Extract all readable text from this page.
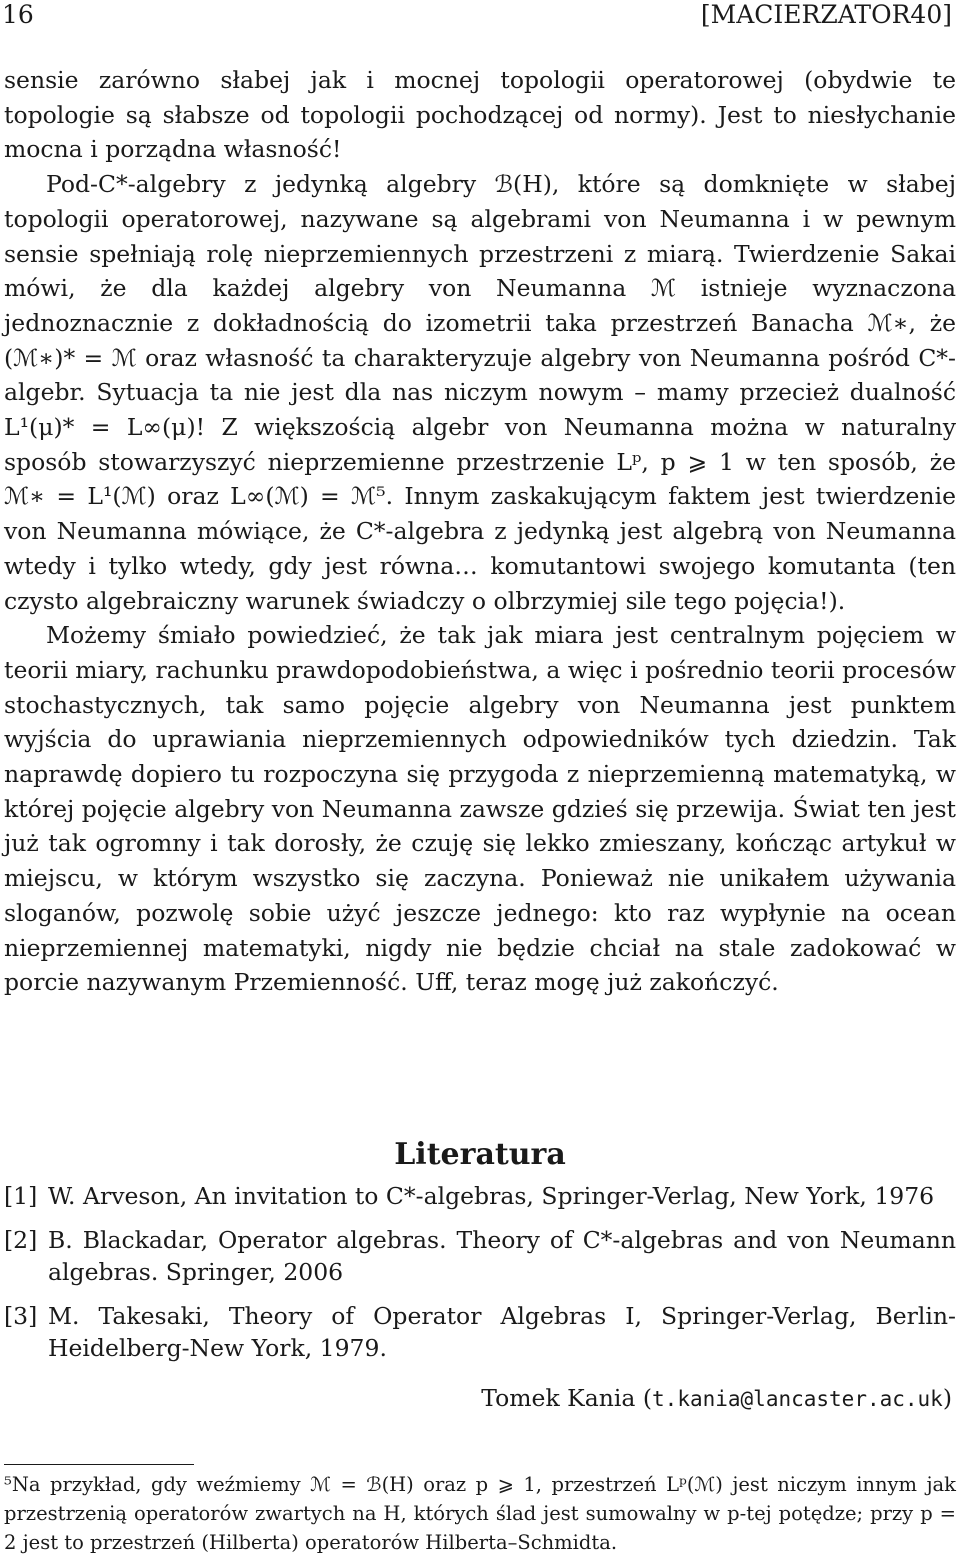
16	[MACIERZATOR40]

sensie zarówno słabej jak i mocnej topologii operatorowej (obydwie te topologie są słabsze od topologii pochodzącej od normy). Jest to niesłychanie mocna i porządna własność!

Pod-C*-algebry z jedynką algebry ℬ(H), które są domknięte w słabej topologii operatorowej, nazywane są algebrami von Neumanna i w pewnym sensie spełniają rolę nieprzemiennych przestrzeni z miarą. Twierdzenie Sakai mówi, że dla każdej algebry von Neumanna ℳ istnieje wyznaczona jednoznacznie z dokładnością do izometrii taka przestrzeń Banacha ℳ∗, że (ℳ∗)* = ℳ oraz własność ta charakteryzuje algebry von Neumanna pośród C*-algebr. Sytuacja ta nie jest dla nas niczym nowym – mamy przecież dualność L¹(μ)* = L∞(μ)! Z większością algebr von Neumanna można w naturalny sposób stowarzyszyć nieprzemienne przestrzenie Lᵖ, p ⩾ 1 w ten sposób, że ℳ∗ = L¹(ℳ) oraz L∞(ℳ) = ℳ⁵. Innym zaskakującym faktem jest twierdzenie von Neumanna mówiące, że C*-algebra z jedynką jest algebrą von Neumanna wtedy i tylko wtedy, gdy jest równa… komutantowi swojego komutanta (ten czysto algebraiczny warunek świadczy o olbrzymiej sile tego pojęcia!).

Możemy śmiało powiedzieć, że tak jak miara jest centralnym pojęciem w teorii miary, rachunku prawdopodobieństwa, a więc i pośrednio teorii procesów stochastycznych, tak samo pojęcie algebry von Neumanna jest punktem wyjścia do uprawiania nieprzemiennych odpowiedników tych dziedzin. Tak naprawdę dopiero tu rozpoczyna się przygoda z nieprzemienną matematyką, w której pojęcie algebry von Neumanna zawsze gdzieś się przewija. Świat ten jest już tak ogromny i tak dorosły, że czuję się lekko zmieszany, kończąc artykuł w miejscu, w którym wszystko się zaczyna. Ponieważ nie unikałem używania sloganów, pozwolę sobie użyć jeszcze jednego: kto raz wypłynie na ocean nieprzemiennej matematyki, nigdy nie będzie chciał na stale zadokować w porcie nazywanym Przemienność. Uff, teraz mogę już zakończyć.

Literatura
[1] W. Arveson, An invitation to C*-algebras, Springer-Verlag, New York, 1976
[2] B. Blackadar, Operator algebras. Theory of C*-algebras and von Neumann algebras. Springer, 2006
[3] M. Takesaki, Theory of Operator Algebras I, Springer-Verlag, Berlin-Heidelberg-New York, 1979.
Tomek Kania (t.kania@lancaster.ac.uk)
⁵Na przykład, gdy weźmiemy ℳ = ℬ(H) oraz p ⩾ 1, przestrzeń Lᵖ(ℳ) jest niczym innym jak przestrzenią operatorów zwartych na H, których ślad jest sumowalny w p-tej potędze; przy p = 2 jest to przestrzeń (Hilberta) operatorów Hilberta–Schmidta.
